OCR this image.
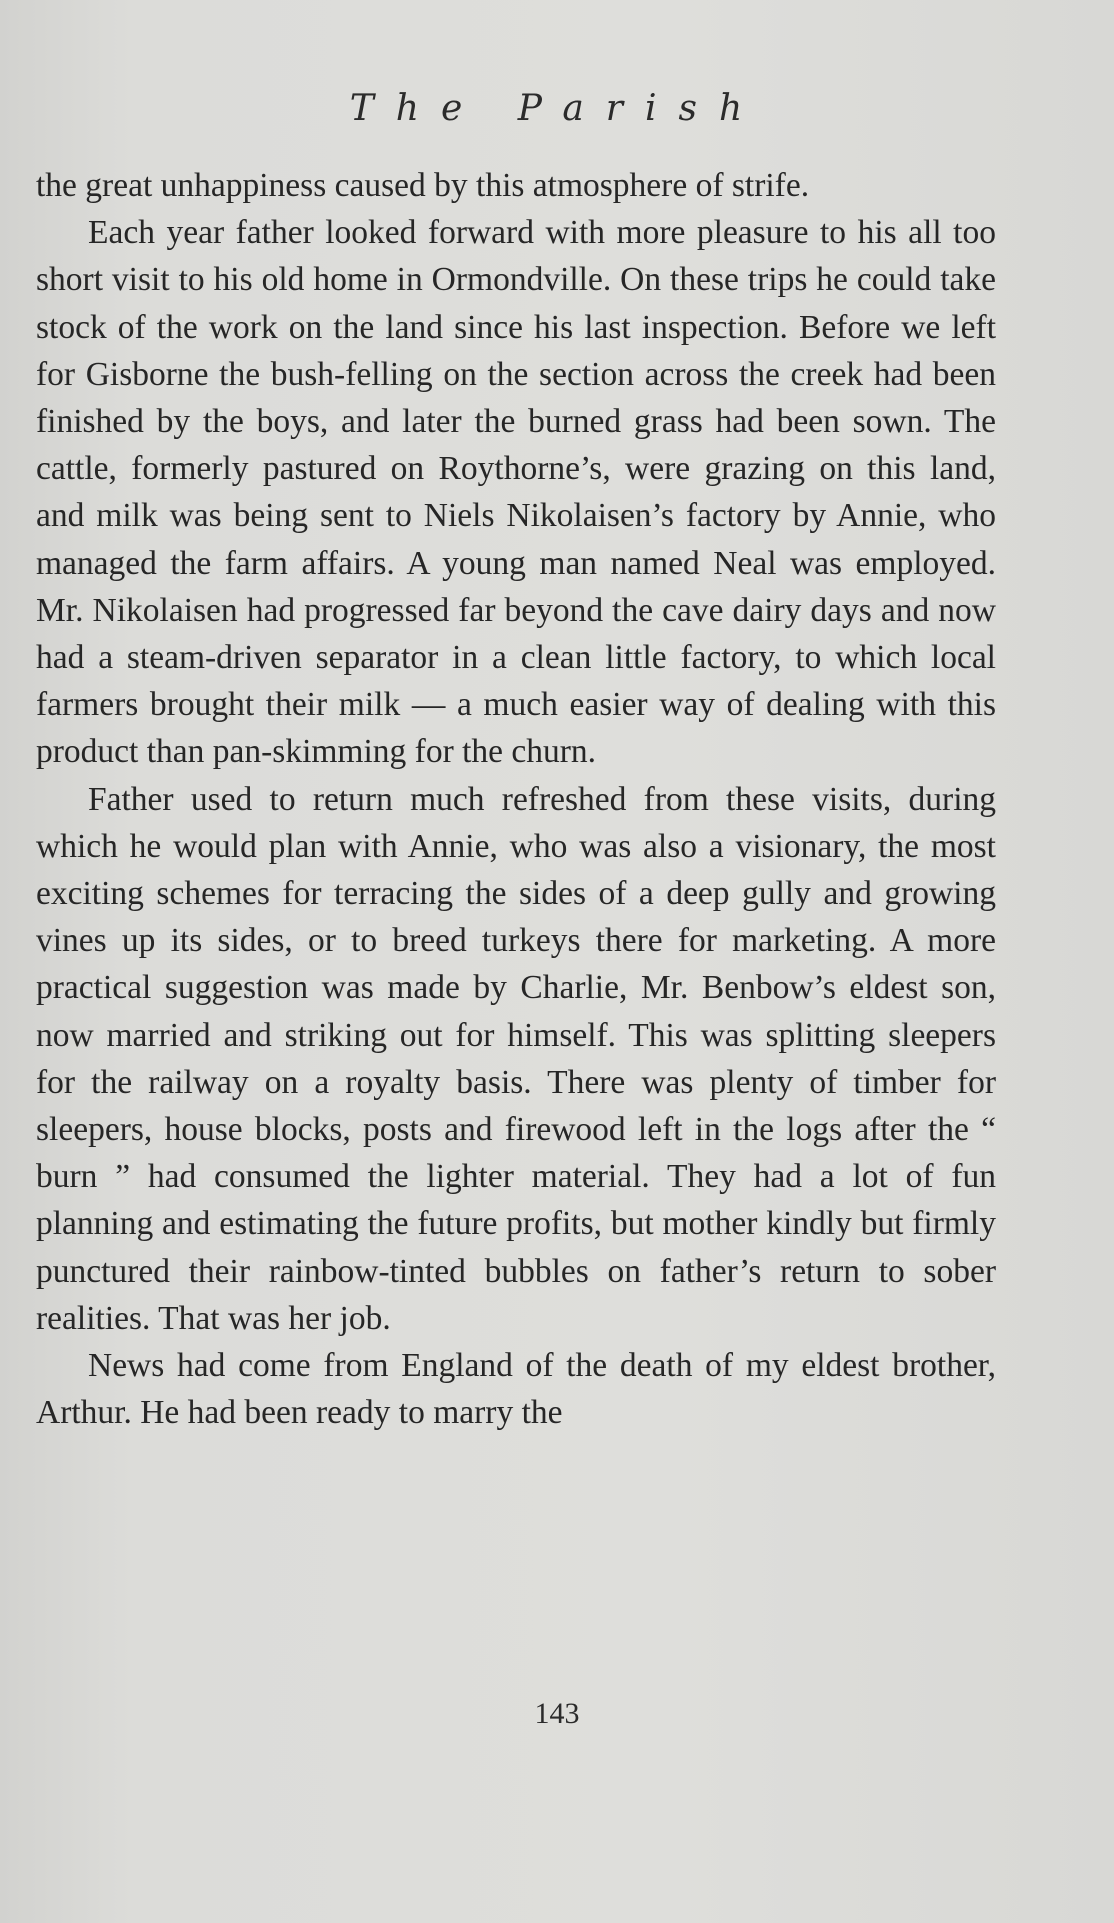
The Parish

the great unhappiness caused by this atmosphere of strife.

Each year father looked forward with more pleasure to his all too short visit to his old home in Ormondville. On these trips he could take stock of the work on the land since his last inspection. Before we left for Gisborne the bush-felling on the section across the creek had been finished by the boys, and later the burned grass had been sown. The cattle, formerly pastured on Roythorne’s, were grazing on this land, and milk was being sent to Niels Nikolaisen’s factory by Annie, who managed the farm affairs. A young man named Neal was employed. Mr. Nikolaisen had progressed far beyond the cave dairy days and now had a steam-driven separator in a clean little factory, to which local farmers brought their milk — a much easier way of dealing with this product than pan-skimming for the churn.

Father used to return much refreshed from these visits, during which he would plan with Annie, who was also a visionary, the most exciting schemes for terracing the sides of a deep gully and growing vines up its sides, or to breed turkeys there for marketing. A more practical suggestion was made by Charlie, Mr. Benbow’s eldest son, now married and striking out for himself. This was splitting sleepers for the railway on a royalty basis. There was plenty of timber for sleepers, house blocks, posts and firewood left in the logs after the “ burn ” had consumed the lighter material. They had a lot of fun planning and estimating the future profits, but mother kindly but firmly punctured their rainbow-tinted bubbles on father’s return to sober realities. That was her job.

News had come from England of the death of my eldest brother, Arthur. He had been ready to marry the

143
